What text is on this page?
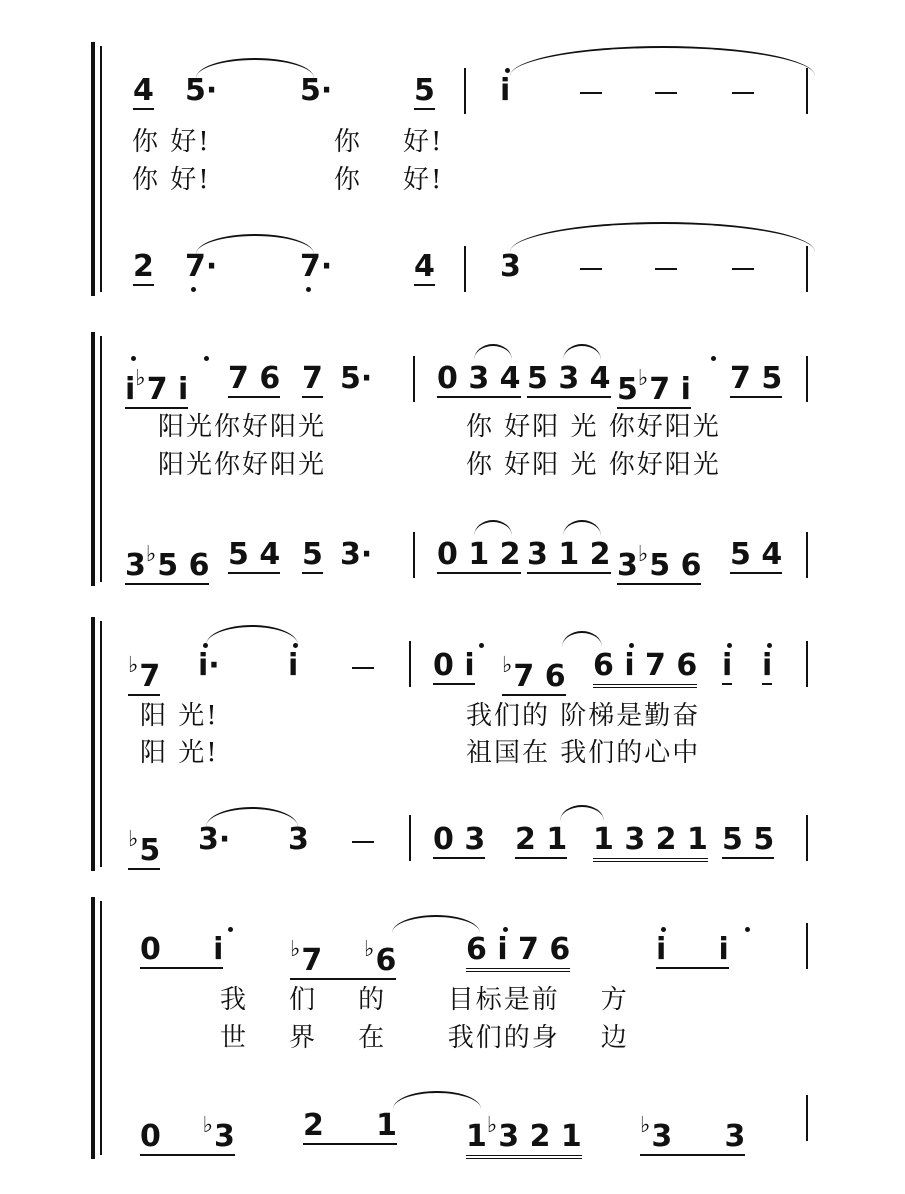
4 5·	5·	5 i
你 好!            你    好!
你 好!            你    好!
2 7·	7·	4 3
i♭7 i 7 6 7 5· 0 3 4 5 3 4 5♭7 i 7 5
阳光你好阳光	你 好阳 光 你好阳光
阳光你好阳光	你 好阳 光 你好阳光
3♭5 6 5 4 5 3· 0 1 2 3 1 2 3♭5 6 5 4
♭7 i· i	0 i ♭7 6 6 i 7 6 i i
阳 光!	我们的 阶梯是勤奋
阳 光!	祖国在 我们的心中
♭5 3· 3	0 3 2 1 1 3 2 1 5 5
0     i	♭7    ♭6 6 i 7 6	i     i
我    们    的      目标是前    方
世    界    在      我们的身    边
0    ♭3 2     1 1♭3 2 1	♭3     3
